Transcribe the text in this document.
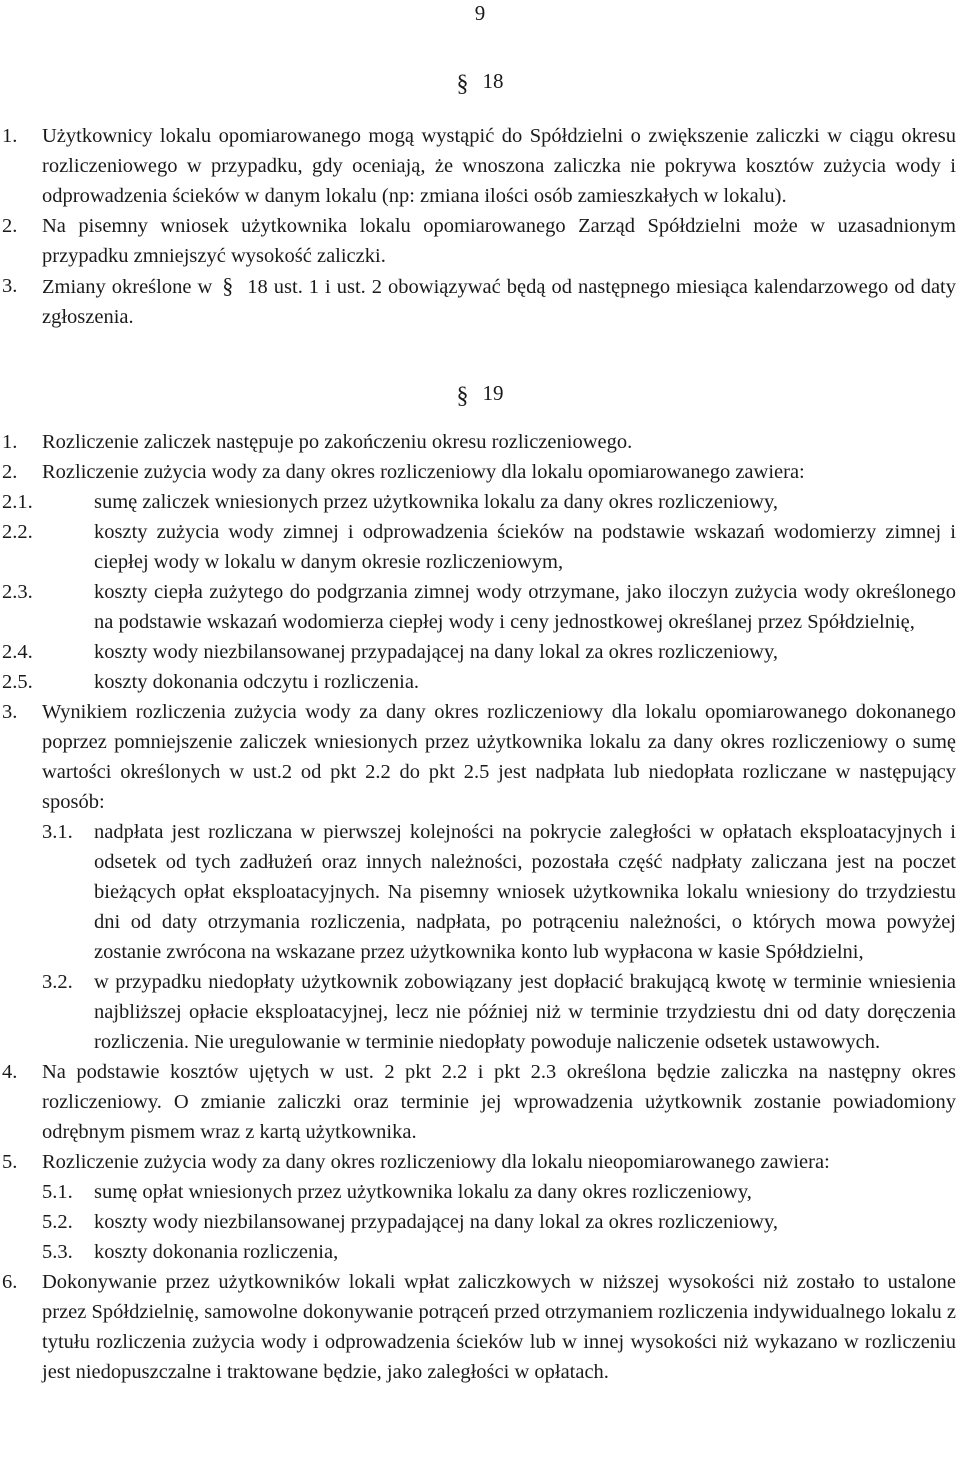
9
§ 18
1. Użytkownicy lokalu opomiarowanego mogą wystąpić do Spółdzielni o zwiększenie zaliczki w ciągu okresu rozliczeniowego w przypadku, gdy oceniają, że wnoszona zaliczka nie pokrywa kosztów zużycia wody i odprowadzenia ścieków w danym lokalu (np: zmiana ilości osób zamieszkałych w lokalu).
2. Na pisemny wniosek użytkownika lokalu opomiarowanego Zarząd Spółdzielni może w uzasadnionym przypadku zmniejszyć wysokość zaliczki.
3. Zmiany określone w § 18 ust. 1 i ust. 2 obowiązywać będą od następnego miesiąca kalendarzowego od daty zgłoszenia.
§ 19
1. Rozliczenie zaliczek następuje po zakończeniu okresu rozliczeniowego.
2. Rozliczenie zużycia wody za dany okres rozliczeniowy dla lokalu opomiarowanego zawiera:
2.1.	sumę zaliczek wniesionych przez użytkownika lokalu za dany okres rozliczeniowy,
2.2.	koszty zużycia wody zimnej i odprowadzenia ścieków na podstawie wskazań wodomierzy zimnej i ciepłej wody w lokalu w danym okresie rozliczeniowym,
2.3.	koszty ciepła zużytego do podgrzania zimnej wody otrzymane, jako iloczyn zużycia wody określonego na podstawie wskazań wodomierza ciepłej wody i ceny jednostkowej określanej przez Spółdzielnię,
2.4.	koszty wody niezbilansowanej przypadającej na dany lokal za okres rozliczeniowy,
2.5.	koszty dokonania odczytu i rozliczenia.
3. Wynikiem rozliczenia zużycia wody za dany okres rozliczeniowy dla lokalu opomiarowanego dokonanego poprzez pomniejszenie zaliczek wniesionych przez użytkownika lokalu za dany okres rozliczeniowy o sumę wartości określonych w ust.2 od pkt 2.2 do pkt 2.5 jest nadpłata lub niedopłata rozliczane w następujący sposób:
3.1. nadpłata jest rozliczana w pierwszej kolejności na pokrycie zaległości w opłatach eksploatacyjnych i odsetek od tych zadłużeń oraz innych należności, pozostała część nadpłaty zaliczana jest na poczet bieżących opłat eksploatacyjnych. Na pisemny wniosek użytkownika lokalu wniesiony do trzydziestu dni od daty otrzymania rozliczenia, nadpłata, po potrąceniu należności, o których mowa powyżej zostanie zwrócona na wskazane przez użytkownika konto lub wypłacona w kasie Spółdzielni,
3.2. w przypadku niedopłaty użytkownik zobowiązany jest dopłacić brakującą kwotę w terminie wniesienia najbliższej opłacie eksploatacyjnej, lecz nie później niż w terminie trzydziestu dni od daty doręczenia rozliczenia. Nie uregulowanie w terminie niedopłaty powoduje naliczenie odsetek ustawowych.
4. Na podstawie kosztów ujętych w ust. 2 pkt 2.2 i pkt 2.3 określona będzie zaliczka na następny okres rozliczeniowy. O zmianie zaliczki oraz terminie jej wprowadzenia użytkownik zostanie powiadomiony odrębnym pismem wraz z kartą użytkownika.
5. Rozliczenie zużycia wody za dany okres rozliczeniowy dla lokalu nieopomiarowanego zawiera:
5.1. sumę opłat wniesionych przez użytkownika lokalu za dany okres rozliczeniowy,
5.2. koszty wody niezbilansowanej przypadającej na dany lokal za okres rozliczeniowy,
5.3. koszty dokonania rozliczenia,
6. Dokonywanie przez użytkowników lokali wpłat zaliczkowych w niższej wysokości niż zostało to ustalone przez Spółdzielnię, samowolne dokonywanie potrąceń przed otrzymaniem rozliczenia indywidualnego lokalu z tytułu rozliczenia zużycia wody i odprowadzenia ścieków lub w innej wysokości niż wykazano w rozliczeniu jest niedopuszczalne i traktowane będzie, jako zaległości w opłatach.
